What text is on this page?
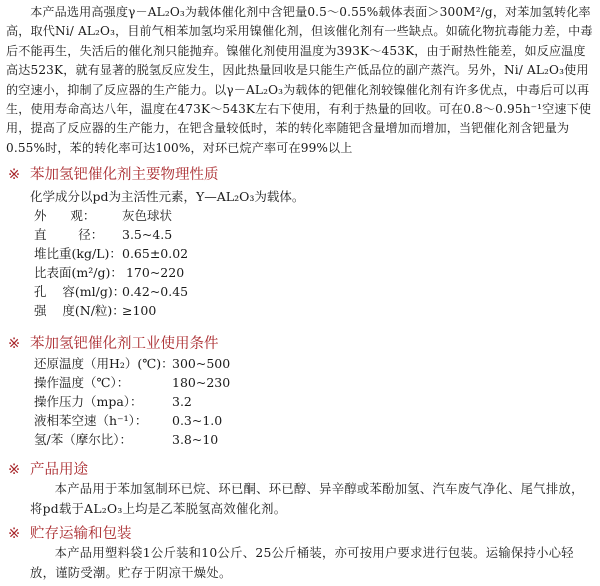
本产品选用高强度γ－AL₂O₃为载体催化剂中含钯量0.5～0.55%载体表面＞300M²/g，对苯加氢转化率高，取代Ni/ AL₂O₃，目前气相苯加氢均采用镍催化剂，但该催化剂有一些缺点。如硫化物抗毒能力差，中毒后不能再生，失活后的催化剂只能抛弃。镍催化剂使用温度为393K～453K，由于耐热性能差，如反应温度高达523K，就有显著的脱氢反应发生，因此热量回收是只能生产低品位的副产蒸汽。另外，Ni/ AL₂O₃使用的空速小，抑制了反应器的生产能力。以γ－AL₂O₃为载体的钯催化剂较镍催化剂有许多优点，中毒后可以再生，使用寿命高达八年，温度在473K～543K左右下使用，有利于热量的回收。可在0.8～0.95h⁻¹空速下使用，提高了反应器的生产能力，在钯含量较低时，苯的转化率随钯含量增加而增加，当钯催化剂含钯量为0.55%时，苯的转化率可达100%，对环已烷产率可在99%以上

※ 苯加氢钯催化剂主要物理性质
化学成分以pd为主活性元素，Υ—AL₂O₃为载体。
外      观：	灰色球状
直        径：	3.5~4.5
堆比重(kg/L)： 0.65±0.02
比表面(m²/g)： 170~220
孔    容(ml/g)：
0.42~0.45
强    度(N/粒)：
≥100
※ 苯加氢钯催化剂工业使用条件
还原温度（用H₂）(℃)：
300~500
操作温度（℃）：	180~230
操作压力（mpa）：	3.2
液相苯空速（h⁻¹）：	0.3~1.0
氢/苯（摩尔比）：	3.8~10
※ 产品用途

本产品用于苯加氢制环已烷、环已酮、环已醇、异辛醇或苯酚加氢、汽车废气净化、尾气排放，将pd载于AL₂O₃上均是乙苯脱氢高效催化剂。

※ 贮存运输和包装

本产品用塑料袋1公斤装和10公斤、25公斤桶装，亦可按用户要求进行包装。运输保持小心轻放，谨防受潮。贮存于阴凉干燥处。
